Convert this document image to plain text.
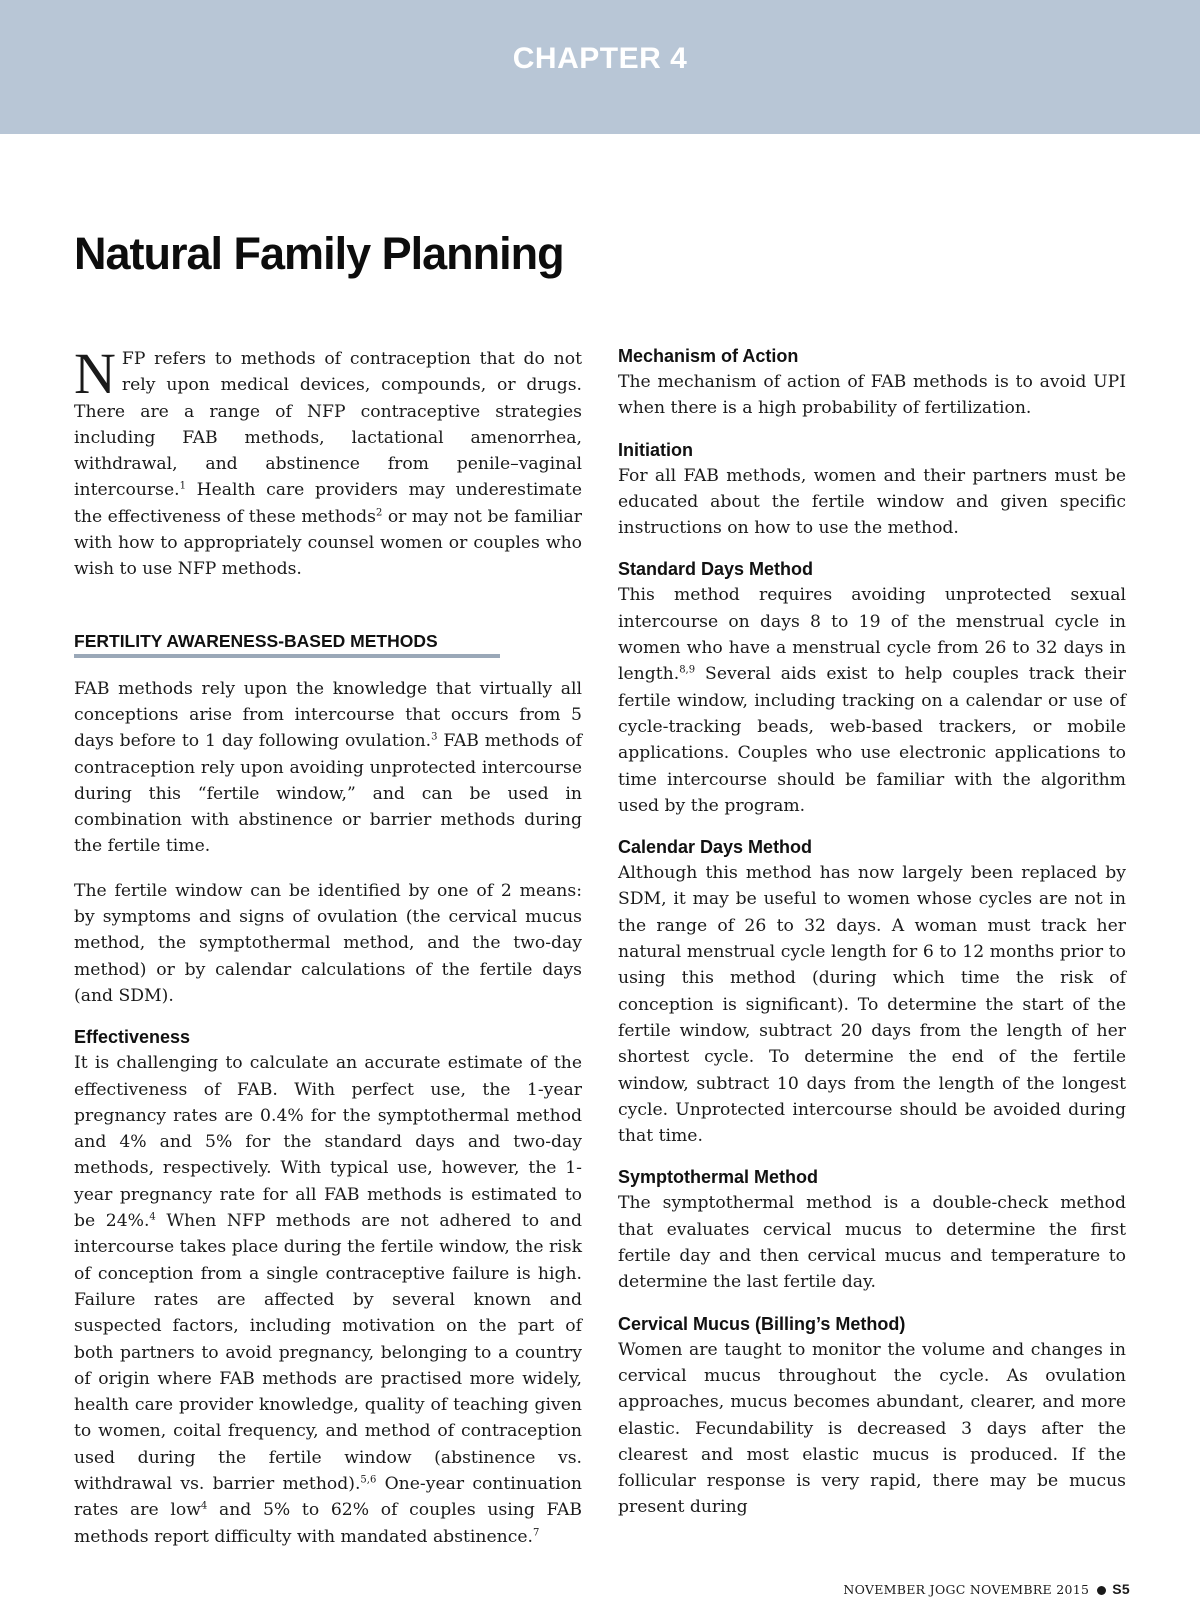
CHAPTER 4
Natural Family Planning

NFP refers to methods of contraception that do not rely upon medical devices, compounds, or drugs. There are a range of NFP contraceptive strategies including FAB methods, lactational amenorrhea, withdrawal, and abstinence from penile–vaginal intercourse.$^1$ Health care providers may underestimate the effectiveness of these methods$^2$ or may not be familiar with how to appropriately counsel women or couples who wish to use NFP methods.

FERTILITY AWARENESS-BASED METHODS

FAB methods rely upon the knowledge that virtually all conceptions arise from intercourse that occurs from 5 days before to 1 day following ovulation.$^3$ FAB methods of contraception rely upon avoiding unprotected intercourse during this “fertile window,” and can be used in combination with abstinence or barrier methods during the fertile time.

The fertile window can be identified by one of 2 means: by symptoms and signs of ovulation (the cervical mucus method, the symptothermal method, and the two-day method) or by calendar calculations of the fertile days (and SDM).

Effectiveness

It is challenging to calculate an accurate estimate of the effectiveness of FAB. With perfect use, the 1-year pregnancy rates are 0.4% for the symptothermal method and 4% and 5% for the standard days and two-day methods, respectively. With typical use, however, the 1-year pregnancy rate for all FAB methods is estimated to be 24%.$^4$ When NFP methods are not adhered to and intercourse takes place during the fertile window, the risk of conception from a single contraceptive failure is high. Failure rates are affected by several known and suspected factors, including motivation on the part of both partners to avoid pregnancy, belonging to a country of origin where FAB methods are practised more widely, health care provider knowledge, quality of teaching given to women, coital frequency, and method of contraception used during the fertile window (abstinence vs. withdrawal vs. barrier method).$^{5,6}$ One-year continuation rates are low$^4$ and 5% to 62% of couples using FAB methods report difficulty with mandated abstinence.$^7$

Mechanism of Action

The mechanism of action of FAB methods is to avoid UPI when there is a high probability of fertilization.

Initiation

For all FAB methods, women and their partners must be educated about the fertile window and given specific instructions on how to use the method.

Standard Days Method

This method requires avoiding unprotected sexual intercourse on days 8 to 19 of the menstrual cycle in women who have a menstrual cycle from 26 to 32 days in length.$^{8,9}$ Several aids exist to help couples track their fertile window, including tracking on a calendar or use of cycle-tracking beads, web-based trackers, or mobile applications. Couples who use electronic applications to time intercourse should be familiar with the algorithm used by the program.

Calendar Days Method

Although this method has now largely been replaced by SDM, it may be useful to women whose cycles are not in the range of 26 to 32 days. A woman must track her natural menstrual cycle length for 6 to 12 months prior to using this method (during which time the risk of conception is significant). To determine the start of the fertile window, subtract 20 days from the length of her shortest cycle. To determine the end of the fertile window, subtract 10 days from the length of the longest cycle. Unprotected intercourse should be avoided during that time.

Symptothermal Method

The symptothermal method is a double-check method that evaluates cervical mucus to determine the first fertile day and then cervical mucus and temperature to determine the last fertile day.

Cervical Mucus (Billing’s Method)

Women are taught to monitor the volume and changes in cervical mucus throughout the cycle. As ovulation approaches, mucus becomes abundant, clearer, and more elastic. Fecundability is decreased 3 days after the clearest and most elastic mucus is produced. If the follicular response is very rapid, there may be mucus present during

NOVEMBER JOGC NOVEMBRE 2015 S5
